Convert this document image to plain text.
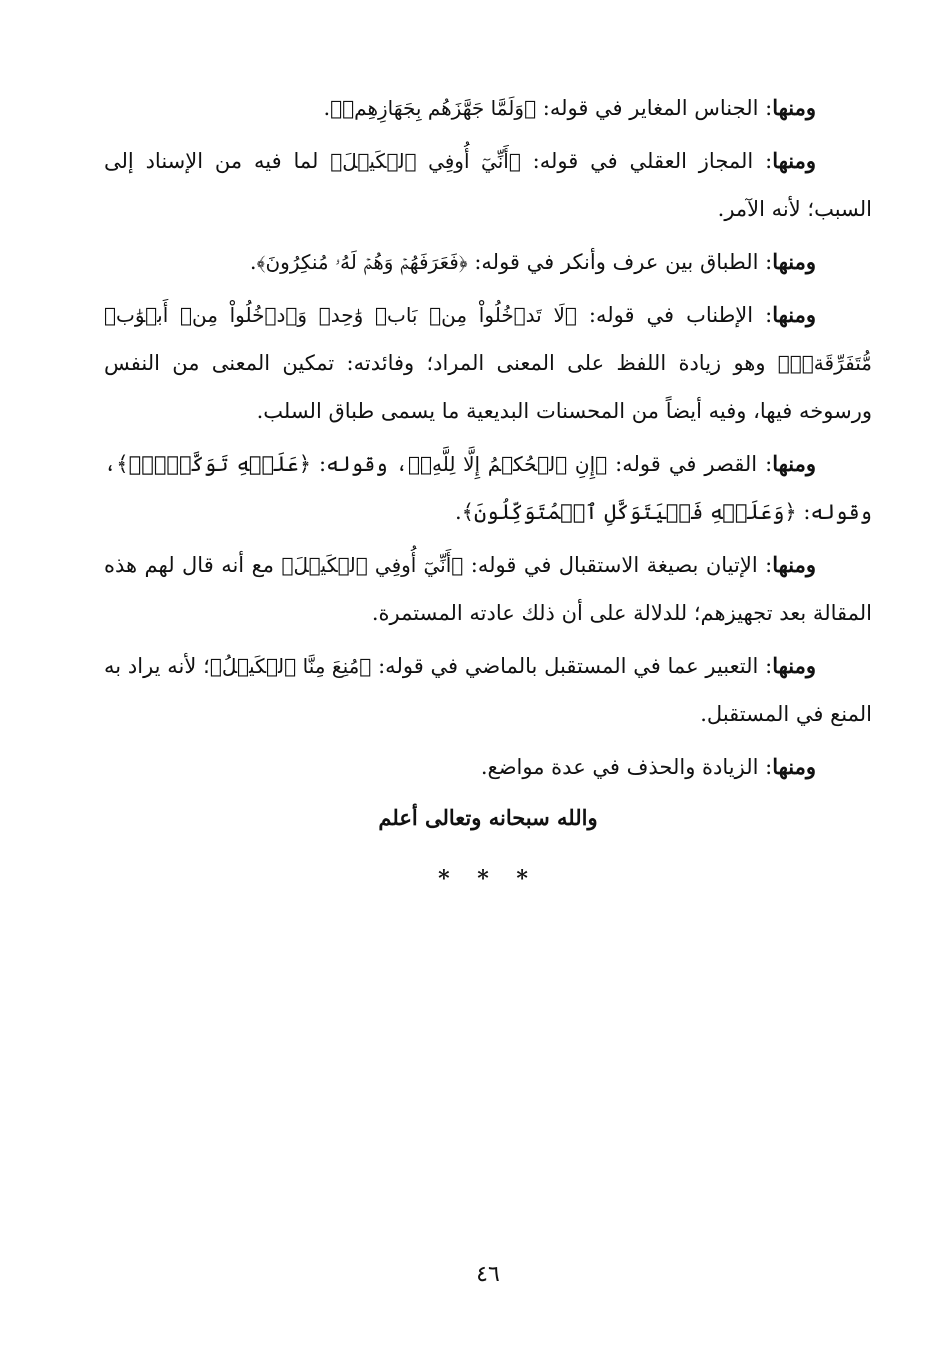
ومنها: الجناس المغاير في قوله: ﴿وَلَمَّا جَهَّزَهُم بِجَهَازِهِمۡ﴾.

ومنها: المجاز العقلي في قوله: ﴿أَنِّيٓ أُوفِي ٱلۡكَيۡلَ﴾ لما فيه من الإسناد إلى السبب؛ لأنه الآمر.

ومنها: الطباق بين عرف وأنكر في قوله: ﴿فَعَرَفَهُمۡ وَهُمۡ لَهُۥ مُنكِرُونَ﴾.

ومنها: الإطناب في قوله: ﴿لَا تَدۡخُلُواْ مِنۢ بَابٖ وَٰحِدٖ وَٱدۡخُلُواْ مِنۡ أَبۡوَٰبٖ مُّتَفَرِّقَةٖۖ﴾ وهو زيادة اللفظ على المعنى المراد؛ وفائدته: تمكين المعنى من النفس ورسوخه فيها، وفيه أيضاً من المحسنات البديعية ما يسمى طباق السلب.

ومنها: القصر في قوله: ﴿إِنِ ٱلۡحُكۡمُ إِلَّا لِلَّهِۖ﴾، وقوله: ﴿عَلَيۡهِ تَوَكَّلۡتُۖ﴾، وقوله: ﴿وَعَلَيۡهِ فَلۡيَتَوَكَّلِ ٱلۡمُتَوَكِّلُونَ﴾.

ومنها: الإتيان بصيغة الاستقبال في قوله: ﴿أَنِّيٓ أُوفِي ٱلۡكَيۡلَ﴾ مع أنه قال لهم هذه المقالة بعد تجهيزهم؛ للدلالة على أن ذلك عادته المستمرة.

ومنها: التعبير عما في المستقبل بالماضي في قوله: ﴿مُنِعَ مِنَّا ٱلۡكَيۡلُ﴾؛ لأنه يراد به المنع في المستقبل.

ومنها: الزيادة والحذف في عدة مواضع.

والله سبحانه وتعالى أعلم
* * *
٤٦
